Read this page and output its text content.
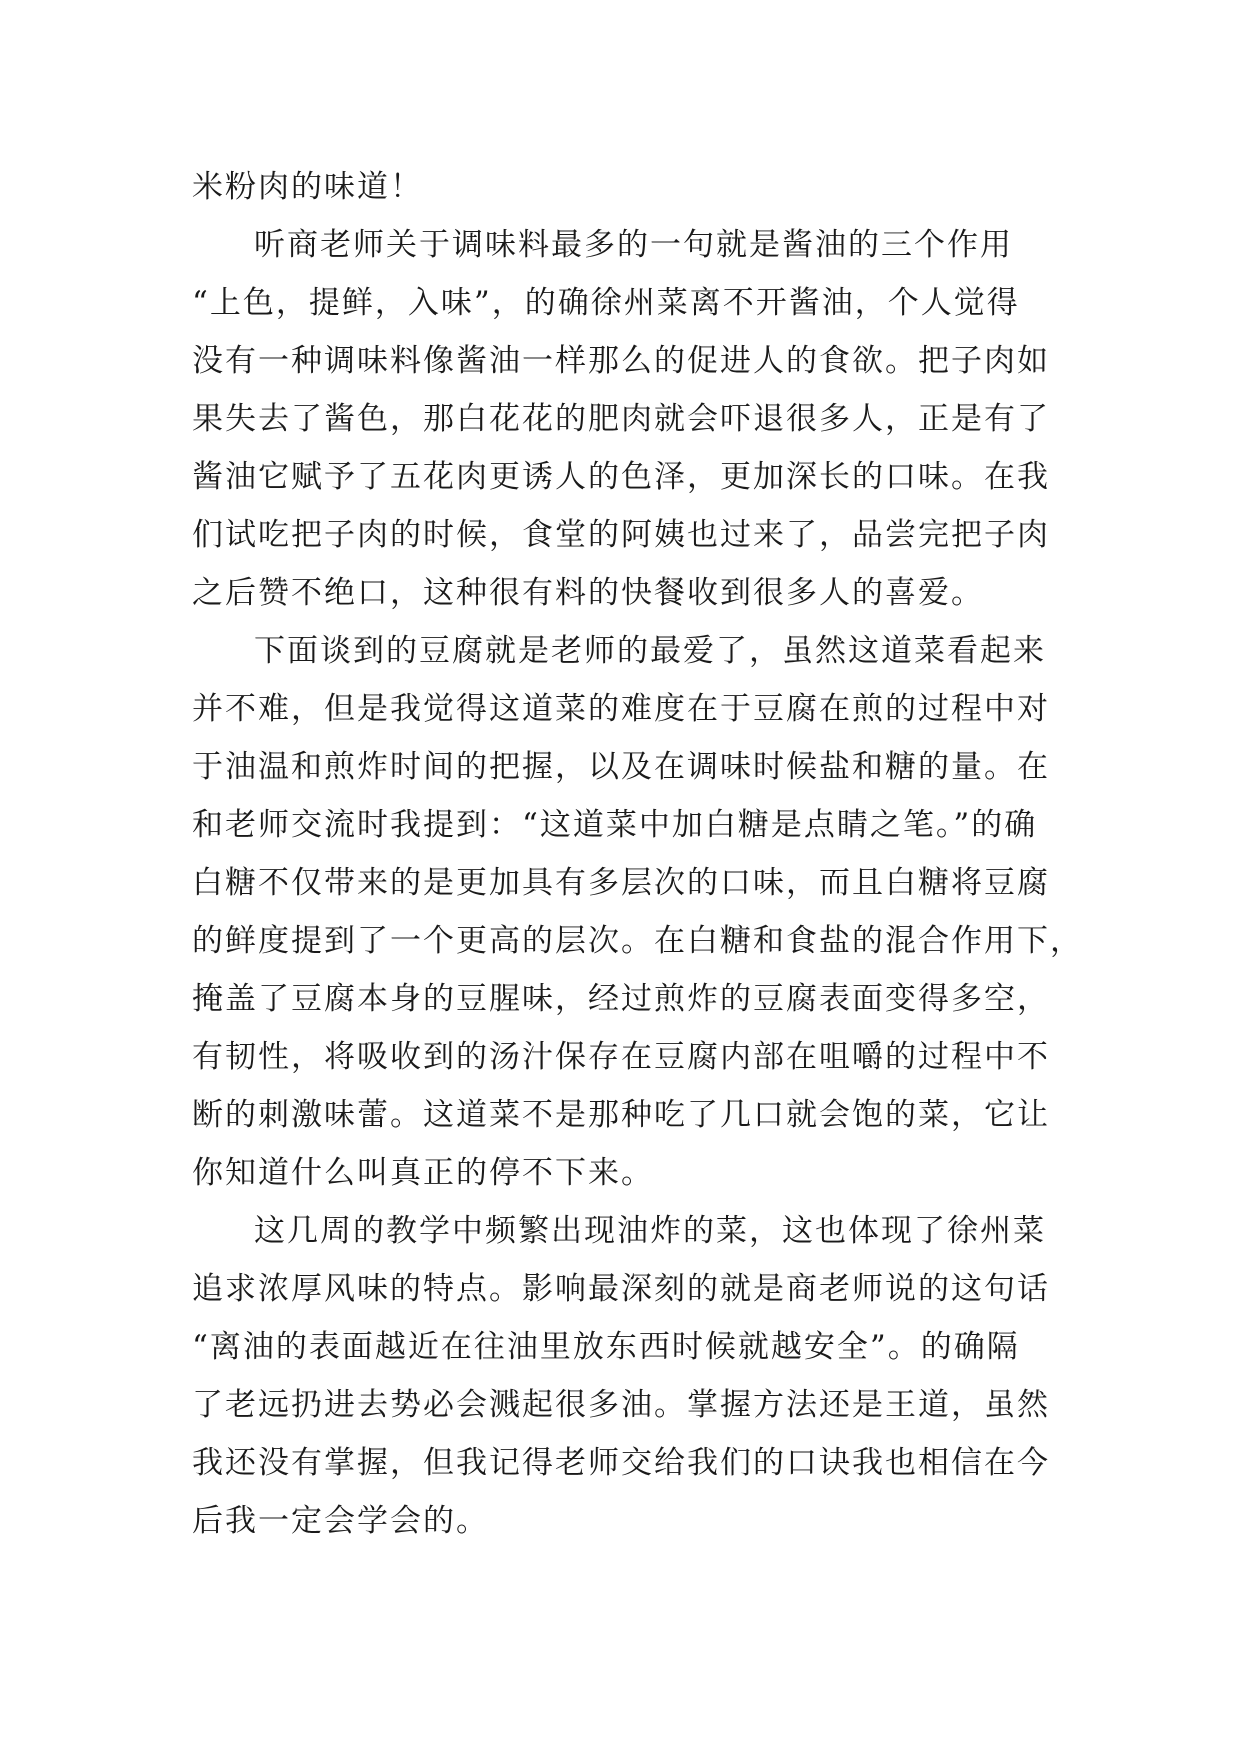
米粉肉的味道！
听商老师关于调味料最多的一句就是酱油的三个作用
“上色，提鲜，入味”，的确徐州菜离不开酱油，个人觉得
没有一种调味料像酱油一样那么的促进人的食欲。把子肉如
果失去了酱色，那白花花的肥肉就会吓退很多人，正是有了
酱油它赋予了五花肉更诱人的色泽，更加深长的口味。在我
们试吃把子肉的时候，食堂的阿姨也过来了，品尝完把子肉
之后赞不绝口，这种很有料的快餐收到很多人的喜爱。
下面谈到的豆腐就是老师的最爱了，虽然这道菜看起来
并不难，但是我觉得这道菜的难度在于豆腐在煎的过程中对
于油温和煎炸时间的把握，以及在调味时候盐和糖的量。在
和老师交流时我提到：“这道菜中加白糖是点睛之笔。”的确
白糖不仅带来的是更加具有多层次的口味，而且白糖将豆腐
的鲜度提到了一个更高的层次。在白糖和食盐的混合作用下，
掩盖了豆腐本身的豆腥味，经过煎炸的豆腐表面变得多空，
有韧性，将吸收到的汤汁保存在豆腐内部在咀嚼的过程中不
断的刺激味蕾。这道菜不是那种吃了几口就会饱的菜，它让
你知道什么叫真正的停不下来。
这几周的教学中频繁出现油炸的菜，这也体现了徐州菜
追求浓厚风味的特点。影响最深刻的就是商老师说的这句话
“离油的表面越近在往油里放东西时候就越安全”。的确隔
了老远扔进去势必会溅起很多油。掌握方法还是王道，虽然
我还没有掌握，但我记得老师交给我们的口诀我也相信在今
后我一定会学会的。
